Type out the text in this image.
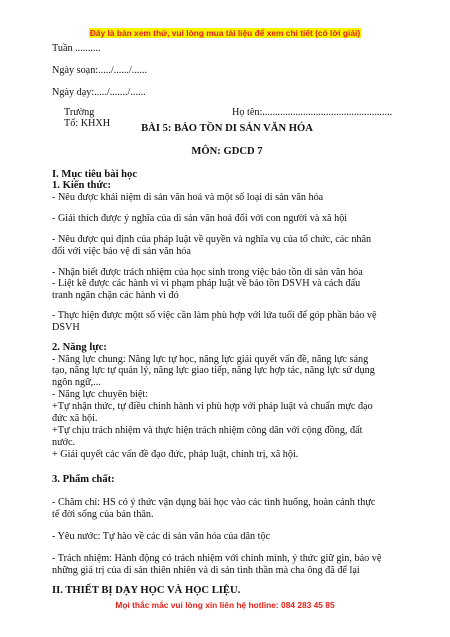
Đây là bản xem thử, vui lòng mua tài liệu để xem chi tiết (có lời giải)
Tuần ..........
Ngày soạn:...../....../......
Ngày dạy:...../......./......
Trường	Họ tên:...................................................
Tổ: KHXH	BÀI 5: BẢO TỒN DI SẢN VĂN HÓA
MÔN: GDCD 7
I. Mục tiêu bài học
1. Kiến thức:
- Nêu được khái niệm di sản văn hoá và một số loại di sản văn hóa
- Giải thích được ý nghĩa của di sản văn hoá đối với con người và xã hội
- Nêu được qui định của pháp luật về quyền và nghĩa vụ của tổ chức, các nhân
đối với việc bảo vệ di sản văn hóa
- Nhận biết được trách nhiệm của học sinh trong việc bảo tồn di sản văn hóa
- Liệt kê được các hành vi vi phạm pháp luật về bảo tồn DSVH và cách đấu
tranh ngăn chặn các hành vi đó
- Thực hiện được mộtt số việc cần làm phù hợp với lứa tuổi để góp phần bảo vệ
DSVH
2. Năng lực:
- Năng lực chung: Năng lực tự học, năng lực giải quyết vấn đề, năng lực sáng
tạo, năng lực tự quản lý, năng lực giao tiếp, năng lực hợp tác, năng lực sử dụng
ngôn ngữ,...
- Năng lực chuyên biệt:
+Tự nhận thức, tự điều chỉnh hành vi phù hợp với pháp luật và chuẩn mực đạo
đức xã hội.
+Tự chịu trách nhiệm và thực hiện trách nhiệm công dân với cộng đồng, đất
nước.
+ Giải quyết các vấn đề đạo đức, pháp luật, chính trị, xã hội.
3. Phẩm chất:
- Chăm chỉ: HS có ý thức vận dụng bài học vào các tình huống, hoàn cảnh thực
tế đời sống của bản thân.
- Yêu nước: Tự hào về các di sản văn hóa của dân tộc
- Trách nhiệm: Hành động có trách nhiệm với chính mình, ý thức giữ gìn, bảo vệ
những giá trị của di sản thiên nhiên và di sản tinh thần mà cha ông đã để lại
II. THIẾT BỊ DẠY HỌC VÀ HỌC LIỆU.
Mọi thắc mắc vui lòng xin liên hệ hotline: 084 283 45 85
